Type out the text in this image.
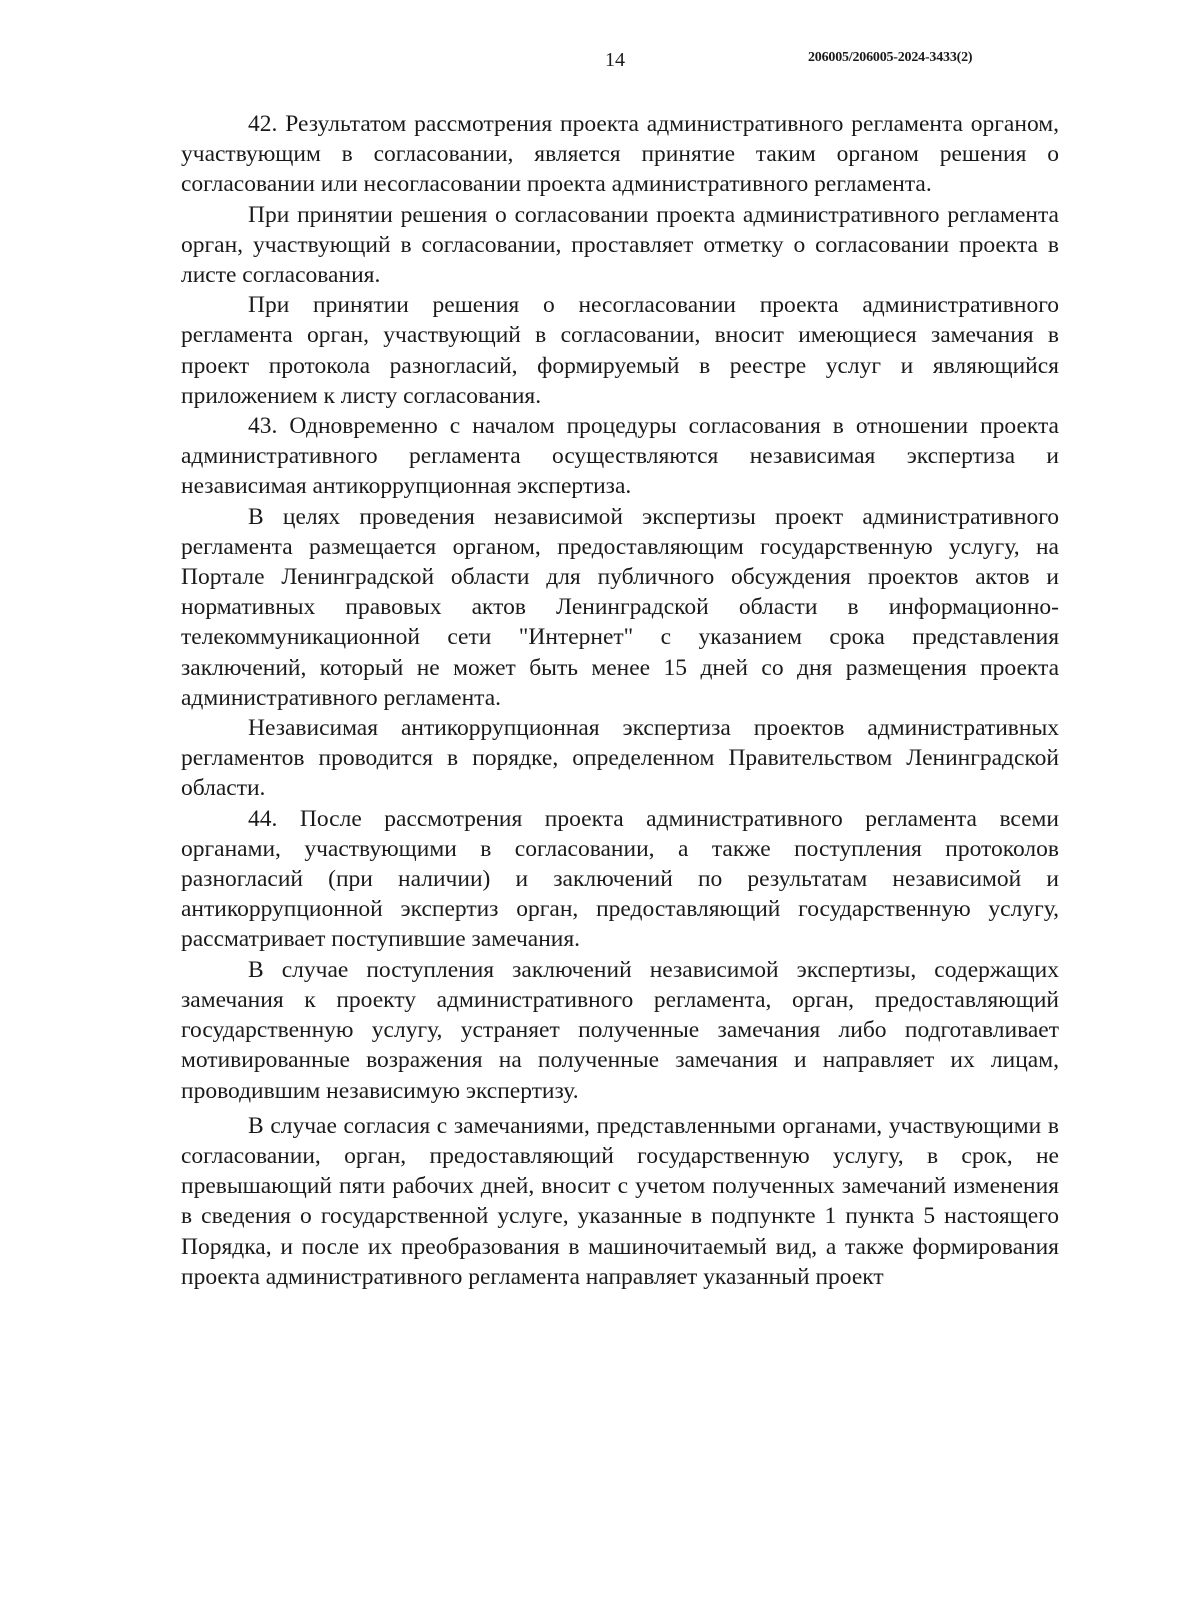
14	206005/206005-2024-3433(2)

42. Результатом рассмотрения проекта административного регламента органом, участвующим в согласовании, является принятие таким органом решения о согласовании или несогласовании проекта административного регламента.

При принятии решения о согласовании проекта административного регламента орган, участвующий в согласовании, проставляет отметку о согласовании проекта в листе согласования.

При принятии решения о несогласовании проекта административного регламента орган, участвующий в согласовании, вносит имеющиеся замечания в проект протокола разногласий, формируемый в реестре услуг и являющийся приложением к листу согласования.

43. Одновременно с началом процедуры согласования в отношении проекта административного регламента осуществляются независимая экспертиза и независимая антикоррупционная экспертиза.

В целях проведения независимой экспертизы проект административного регламента размещается органом, предоставляющим государственную услугу, на Портале Ленинградской области для публичного обсуждения проектов актов и нормативных правовых актов Ленинградской области в информационно-телекоммуникационной сети "Интернет" с указанием срока представления заключений, который не может быть менее 15 дней со дня размещения проекта административного регламента.

Независимая антикоррупционная экспертиза проектов административных регламентов проводится в порядке, определенном Правительством Ленинградской области.

44. После рассмотрения проекта административного регламента всеми органами, участвующими в согласовании, а также поступления протоколов разногласий (при наличии) и заключений по результатам независимой и антикоррупционной экспертиз орган, предоставляющий государственную услугу, рассматривает поступившие замечания.

В случае поступления заключений независимой экспертизы, содержащих замечания к проекту административного регламента, орган, предоставляющий государственную услугу, устраняет полученные замечания либо подготавливает мотивированные возражения на полученные замечания и направляет их лицам, проводившим независимую экспертизу.

В случае согласия с замечаниями, представленными органами, участвующими в согласовании, орган, предоставляющий государственную услугу, в срок, не превышающий пяти рабочих дней, вносит с учетом полученных замечаний изменения в сведения о государственной услуге, указанные в подпункте 1 пункта 5 настоящего Порядка, и после их преобразования в машиночитаемый вид, а также формирования проекта административного регламента направляет указанный проект
